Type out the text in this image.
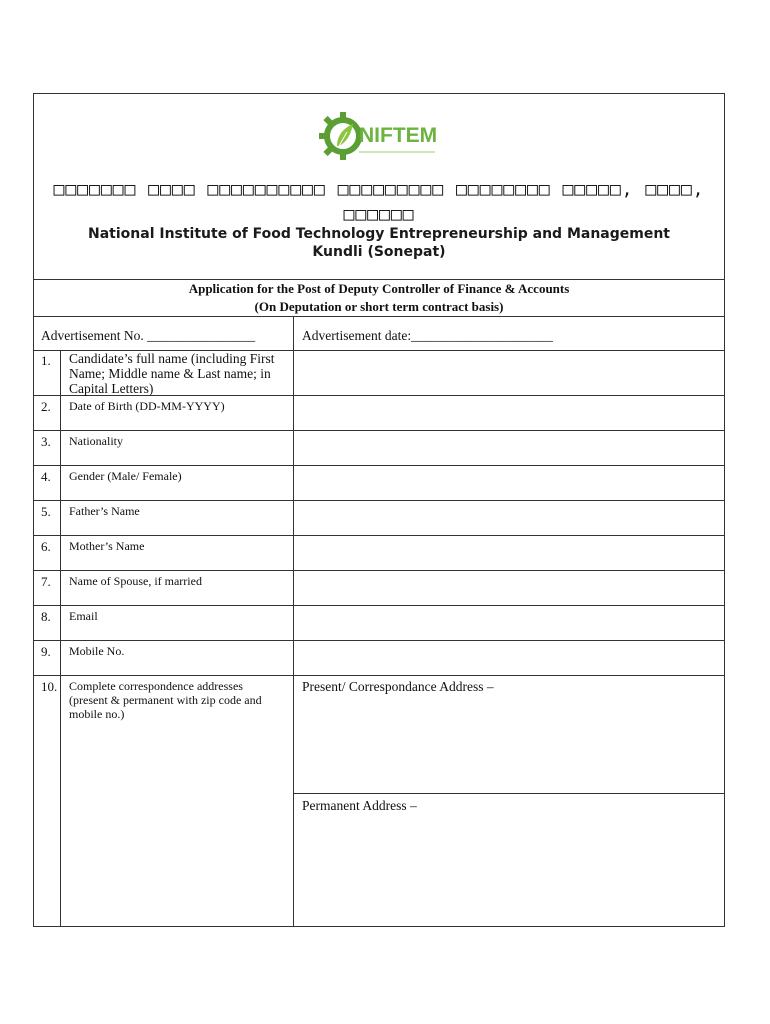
NIFTEM
□□□□□□□ □□□□ □□□□□□□□□□ □□□□□□□□□ □□□□□□□□ □□□□□, □□□□,
□□□□□□
National Institute of Food Technology Entrepreneurship and Management
Kundli (Sonepat)
Application for the Post of Deputy Controller of Finance & Accounts
(On Deputation or short term contract basis)
Advertisement No. ________________	Advertisement date:_____________________
1. Candidate’s full name (including First Name; Middle name & Last name; in Capital Letters)
2. Date of Birth (DD-MM-YYYY)
3. Nationality
4. Gender (Male/ Female)
5. Father’s Name
6. Mother’s Name
7. Name of Spouse, if married
8. Email
9. Mobile No.
10. Complete correspondence addresses (present & permanent with zip code and mobile no.)
Present/ Correspondance Address –
Permanent Address –
